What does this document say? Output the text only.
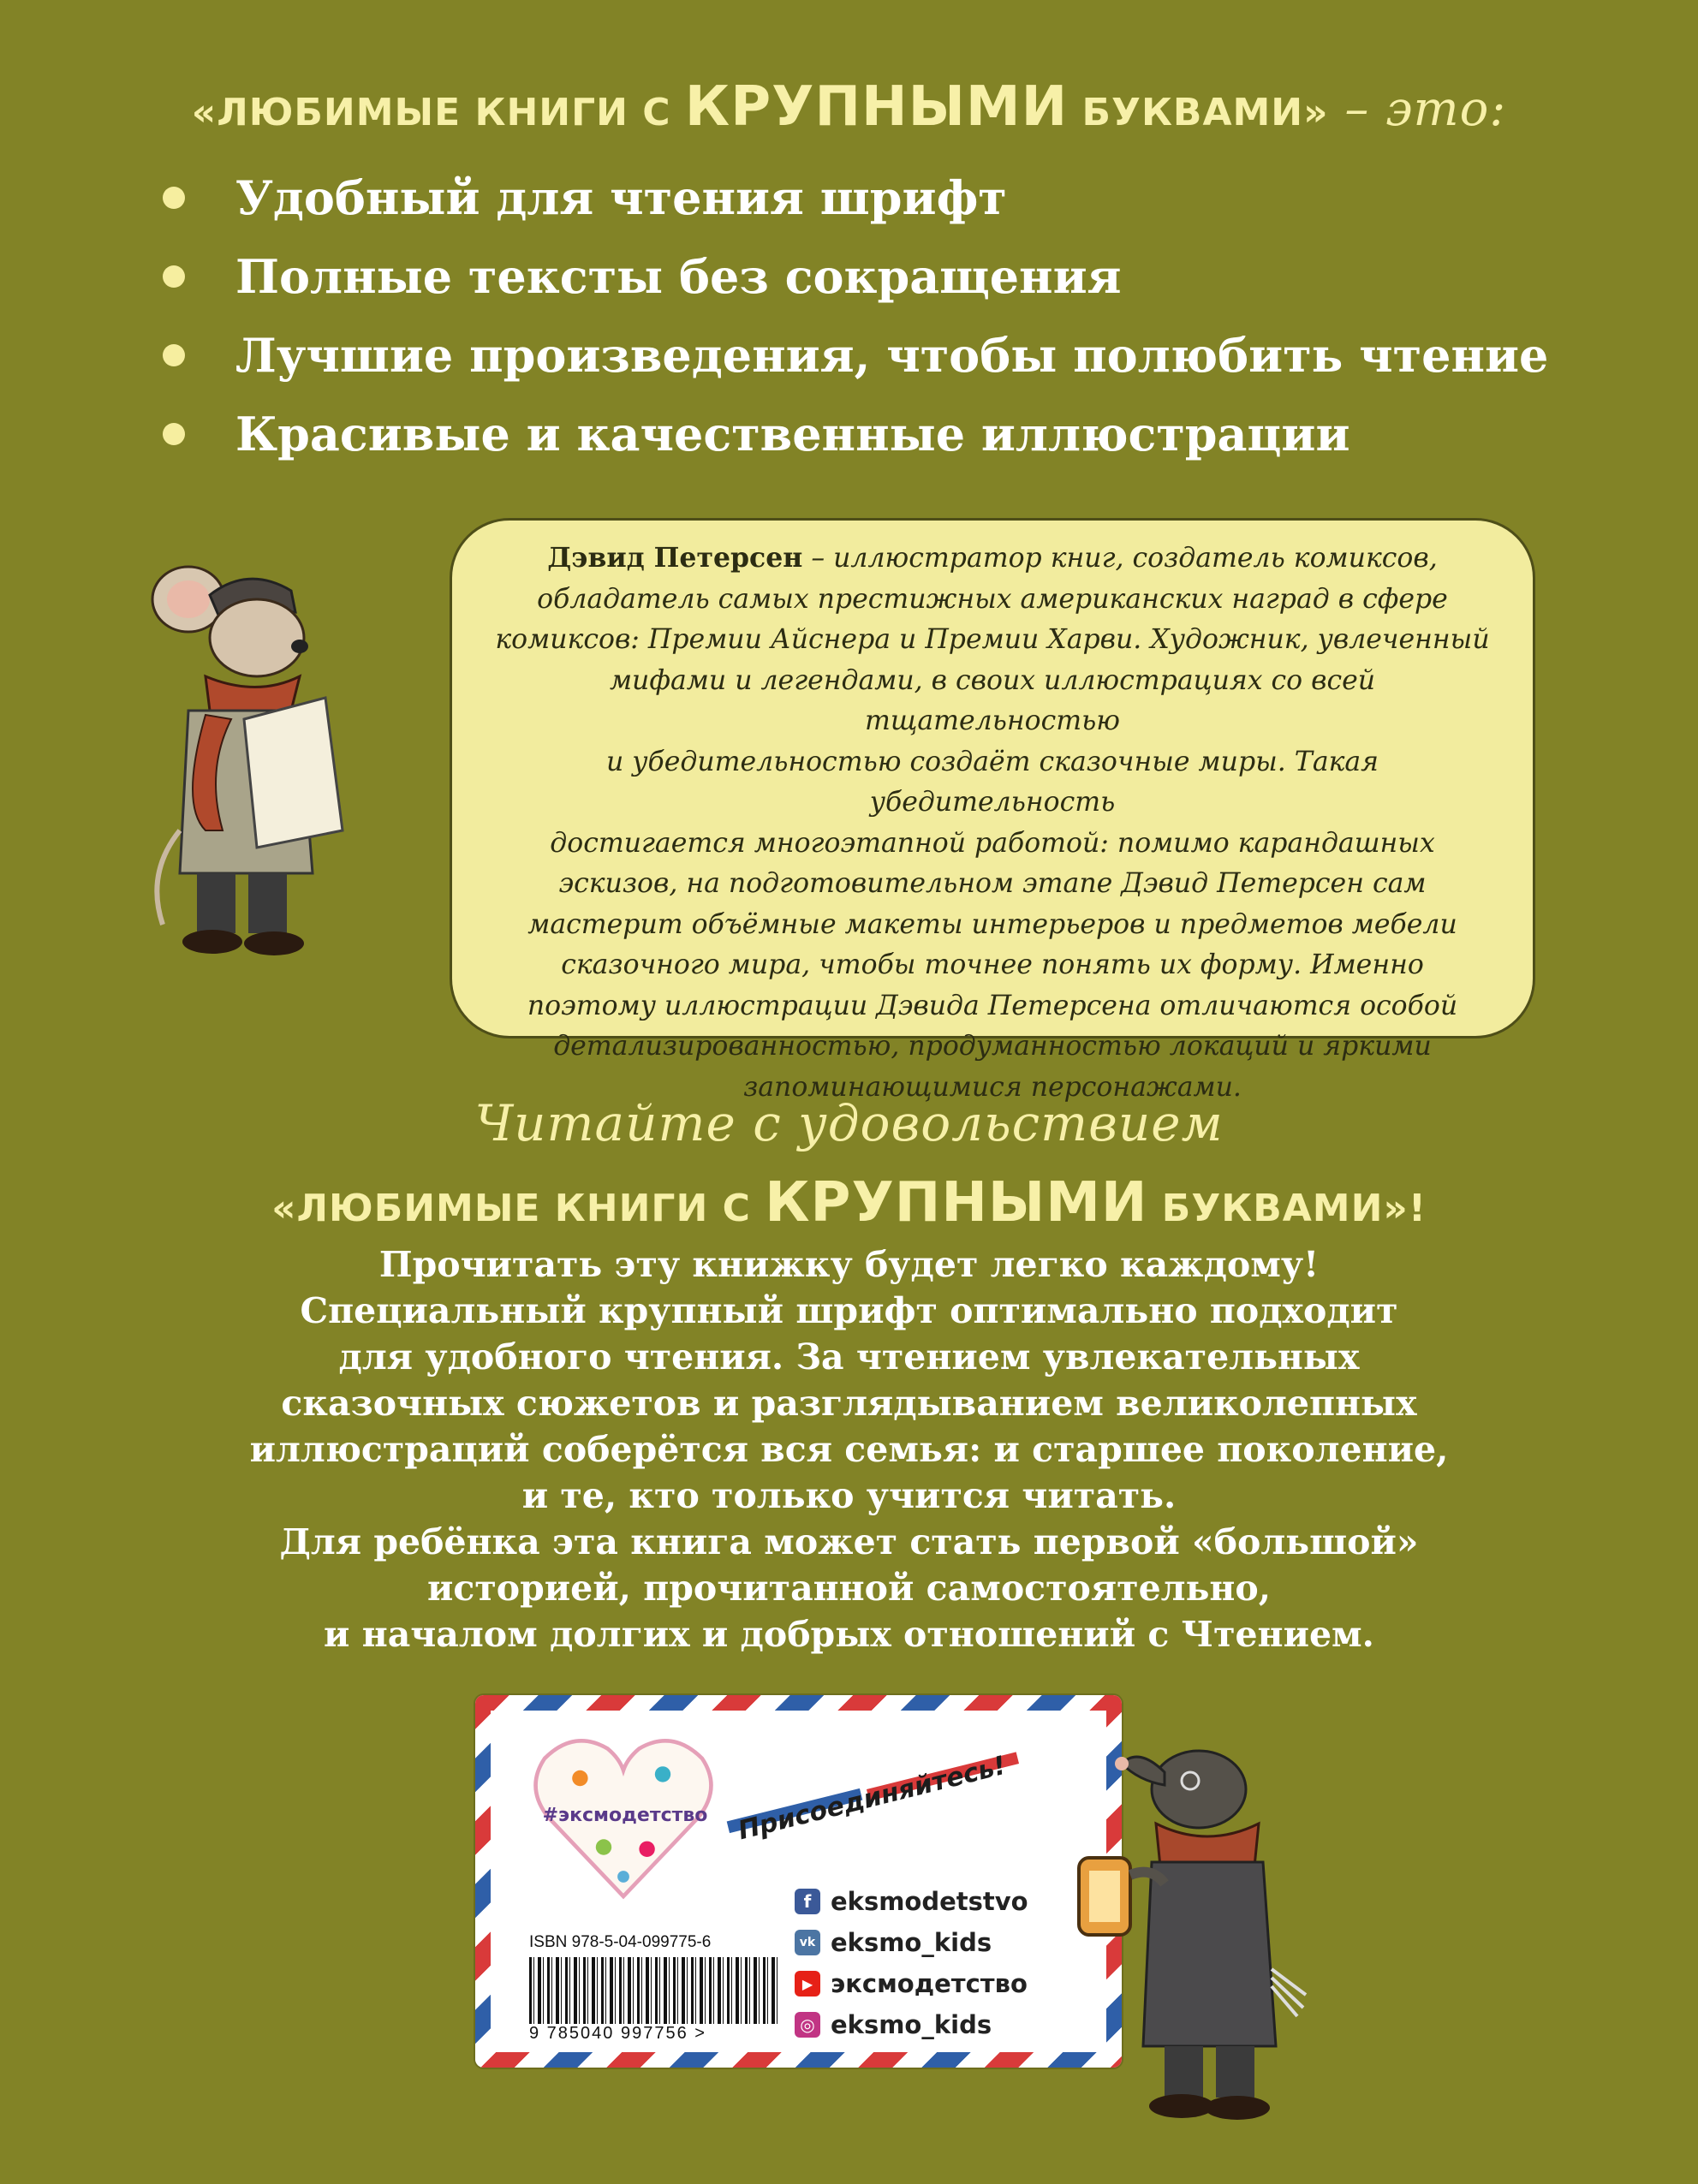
«ЛЮБИМЫЕ КНИГИ С КРУПНЫМИ БУКВАМИ» – это:
Удобный для чтения шрифт
Полные тексты без сокращения
Лучшие произведения, чтобы полюбить чтение
Красивые и качественные иллюстрации
Дэвид Петерсен – иллюстратор книг, создатель комиксов,
обладатель самых престижных американских наград в сфере
комиксов: Премии Айснера и Премии Харви. Художник, увлеченный
мифами и легендами, в своих иллюстрациях со всей тщательностью
и убедительностью создаёт сказочные миры. Такая убедительность
достигается многоэтапной работой: помимо карандашных
эскизов, на подготовительном этапе Дэвид Петерсен сам
мастерит объёмные макеты интерьеров и предметов мебели
сказочного мира, чтобы точнее понять их форму. Именно
поэтому иллюстрации Дэвида Петерсена отличаются особой
детализированностью, продуманностью локаций и яркими
запоминающимися персонажами.
Читайте с удовольствием
«ЛЮБИМЫЕ КНИГИ С КРУПНЫМИ БУКВАМИ»!
Прочитать эту книжку будет легко каждому!
Специальный крупный шрифт оптимально подходит
для удобного чтения. За чтением увлекательных
сказочных сюжетов и разглядыванием великолепных
иллюстраций соберётся вся семья: и старшее поколение,
и те, кто только учится читать.
Для ребёнка эта книга может стать первой «большой»
историей, прочитанной самостоятельно,
и началом долгих и добрых отношений с Чтением.
#эксмодетство	Присоединяйтесь!
f eksmodetstvo
vk eksmo_kids
▶ эксмодетство
◎ eksmo_kids
ISBN 978-5-04-099775-6
9 785040 997756 >
